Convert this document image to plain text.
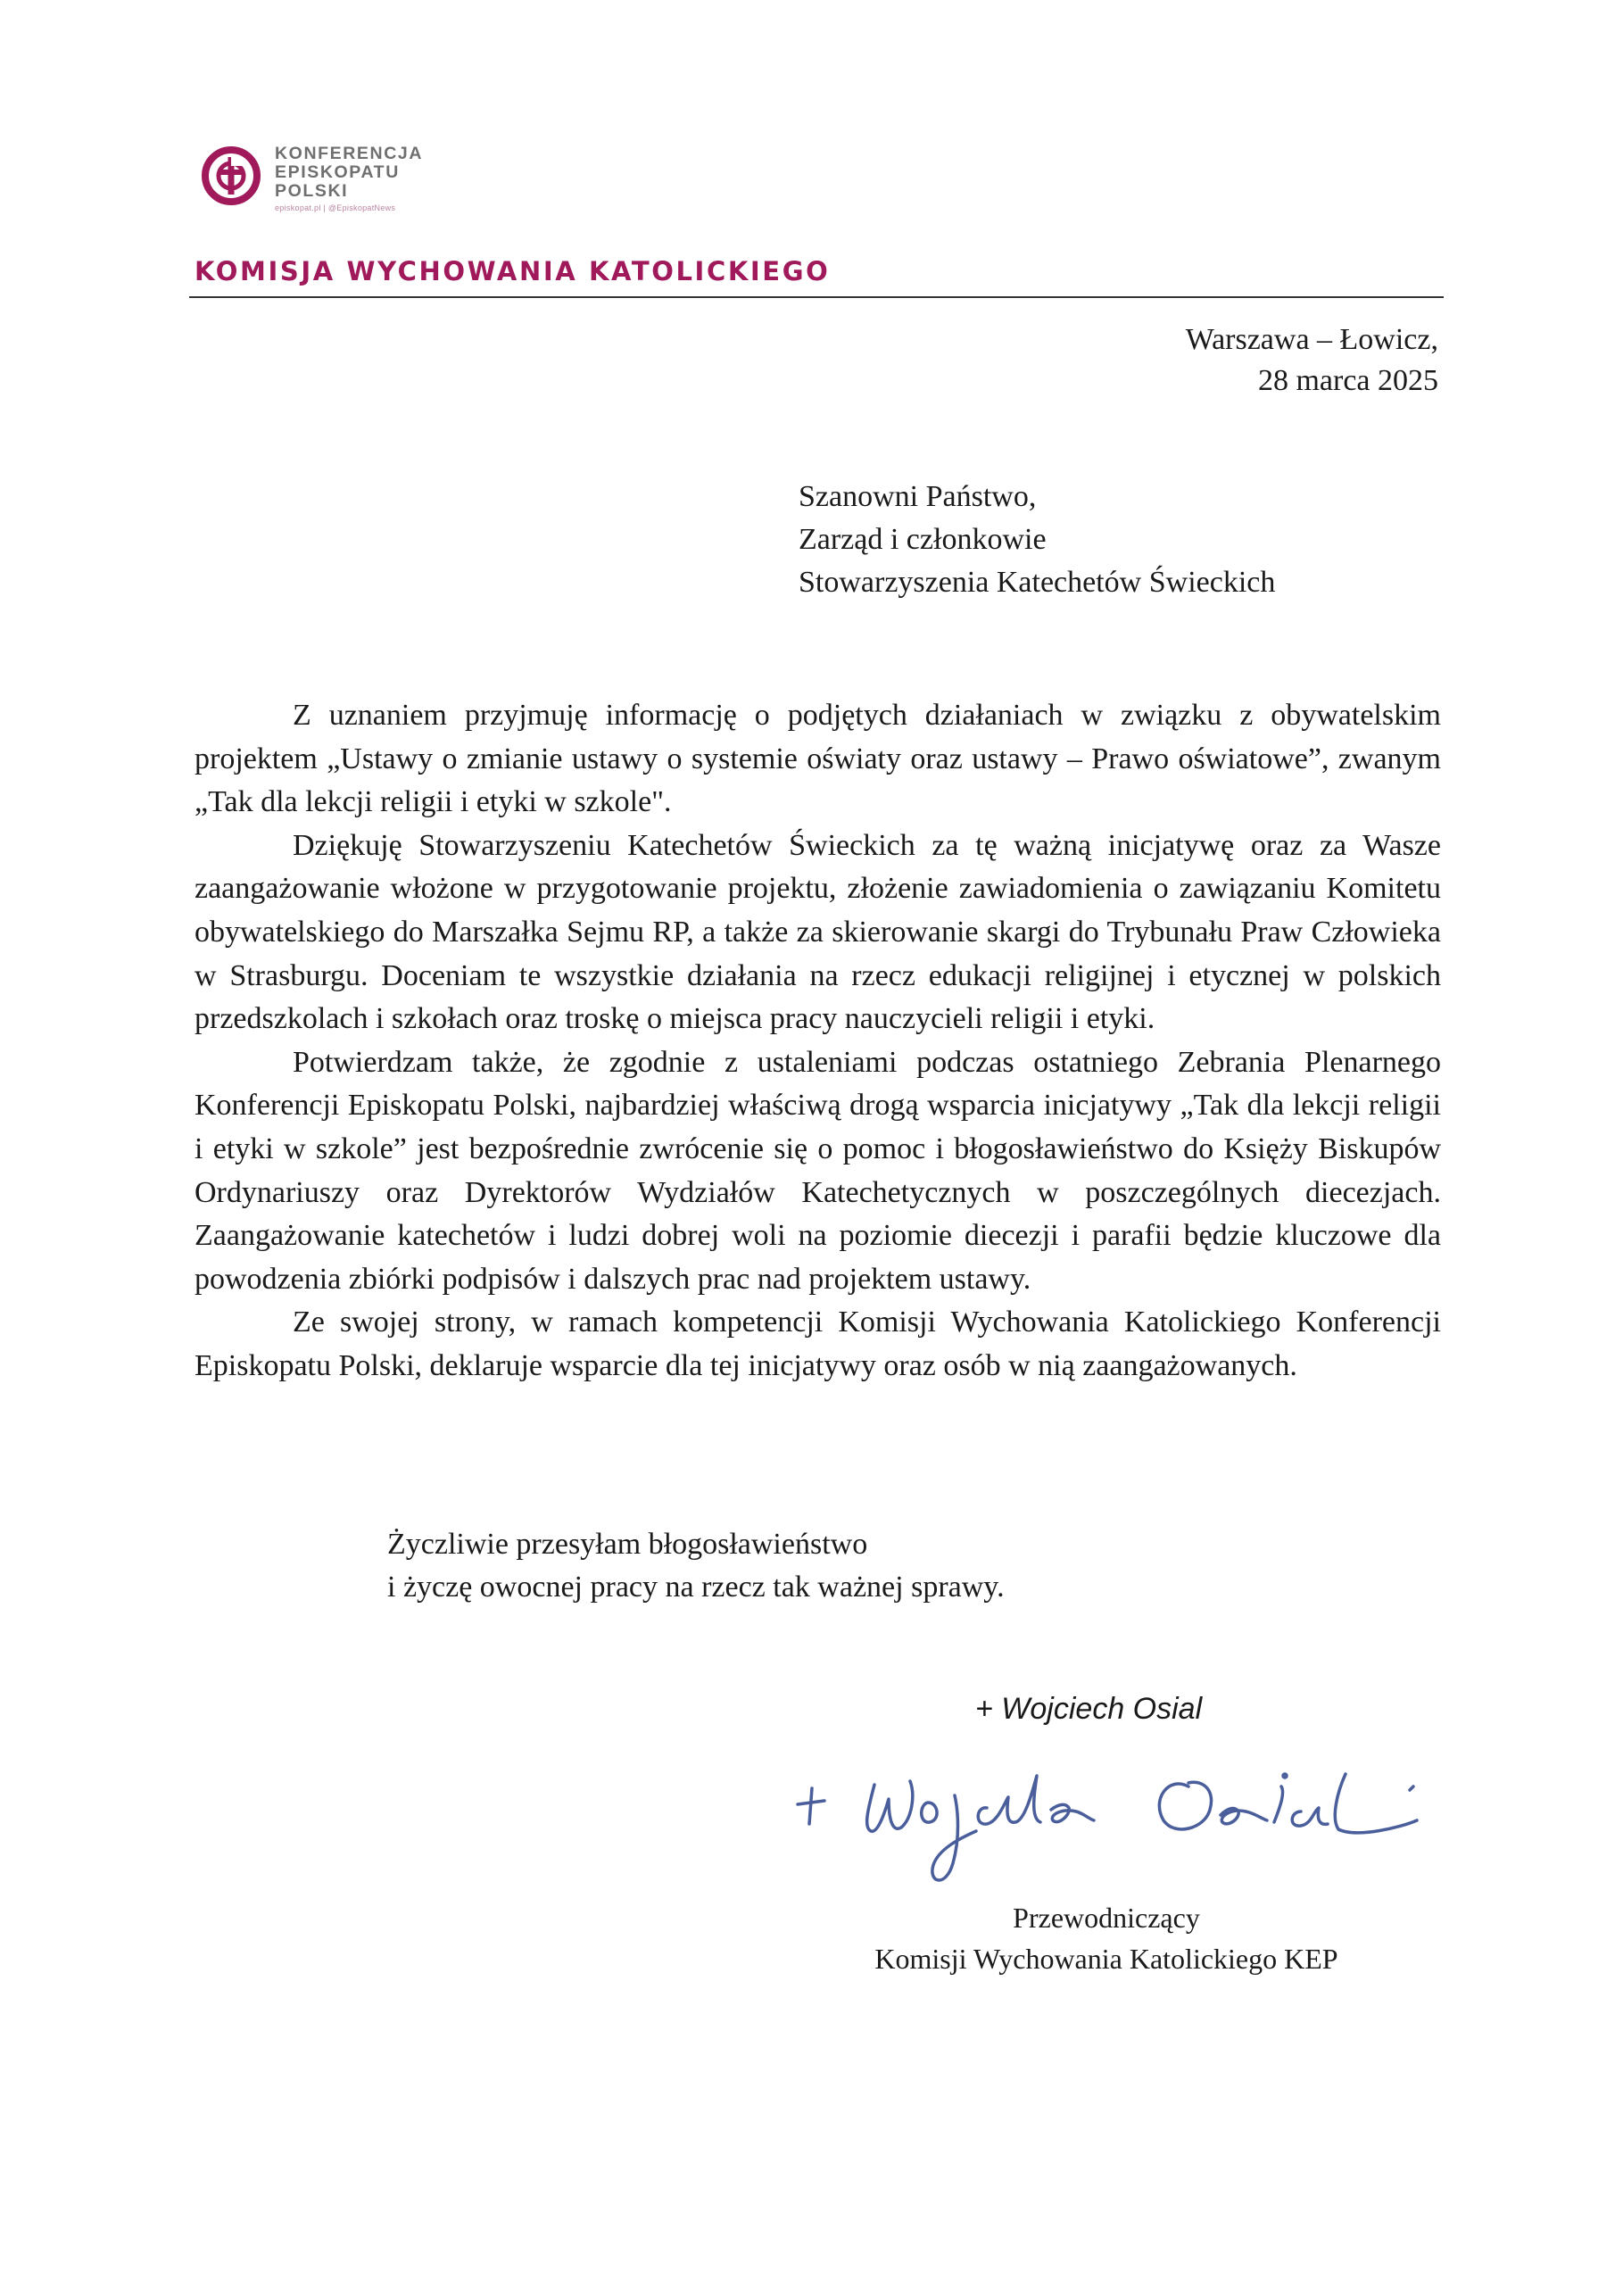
KONFERENCJA
EPISKOPATU
POLSKI
episkopat.pl | @EpiskopatNews
KOMISJA WYCHOWANIA KATOLICKIEGO
Warszawa – Łowicz,
28 marca 2025
Szanowni Państwo,
Zarząd i członkowie
Stowarzyszenia Katechetów Świeckich

Z uznaniem przyjmuję informację o podjętych działaniach w związku z obywatelskim projektem „Ustawy o zmianie ustawy o systemie oświaty oraz ustawy – Prawo oświatowe”, zwanym „Tak dla lekcji religii i etyki w szkole".

Dziękuję Stowarzyszeniu Katechetów Świeckich za tę ważną inicjatywę oraz za Wasze zaangażowanie włożone w przygotowanie projektu, złożenie zawiadomienia o zawiązaniu Komitetu obywatelskiego do Marszałka Sejmu RP, a także za skierowanie skargi do Trybunału Praw Człowieka w Strasburgu. Doceniam te wszystkie działania na rzecz edukacji religijnej i etycznej w polskich przedszkolach i szkołach oraz troskę o miejsca pracy nauczycieli religii i etyki.

Potwierdzam także, że zgodnie z ustaleniami podczas ostatniego Zebrania Plenarnego Konferencji Episkopatu Polski, najbardziej właściwą drogą wsparcia inicjatywy „Tak dla lekcji religii i etyki w szkole” jest bezpośrednie zwrócenie się o pomoc i błogosławieństwo do Księży Biskupów Ordynariuszy oraz Dyrektorów Wydziałów Katechetycznych w poszczególnych diecezjach. Zaangażowanie katechetów i ludzi dobrej woli na poziomie diecezji i parafii będzie kluczowe dla powodzenia zbiórki podpisów i dalszych prac nad projektem ustawy.

Ze swojej strony, w ramach kompetencji Komisji Wychowania Katolickiego Konferencji Episkopatu Polski, deklaruje wsparcie dla tej inicjatywy oraz osób w nią zaangażowanych.

Życzliwie przesyłam błogosławieństwo
i życzę owocnej pracy na rzecz tak ważnej sprawy.
+ Wojciech Osial
Przewodniczący
Komisji Wychowania Katolickiego KEP
